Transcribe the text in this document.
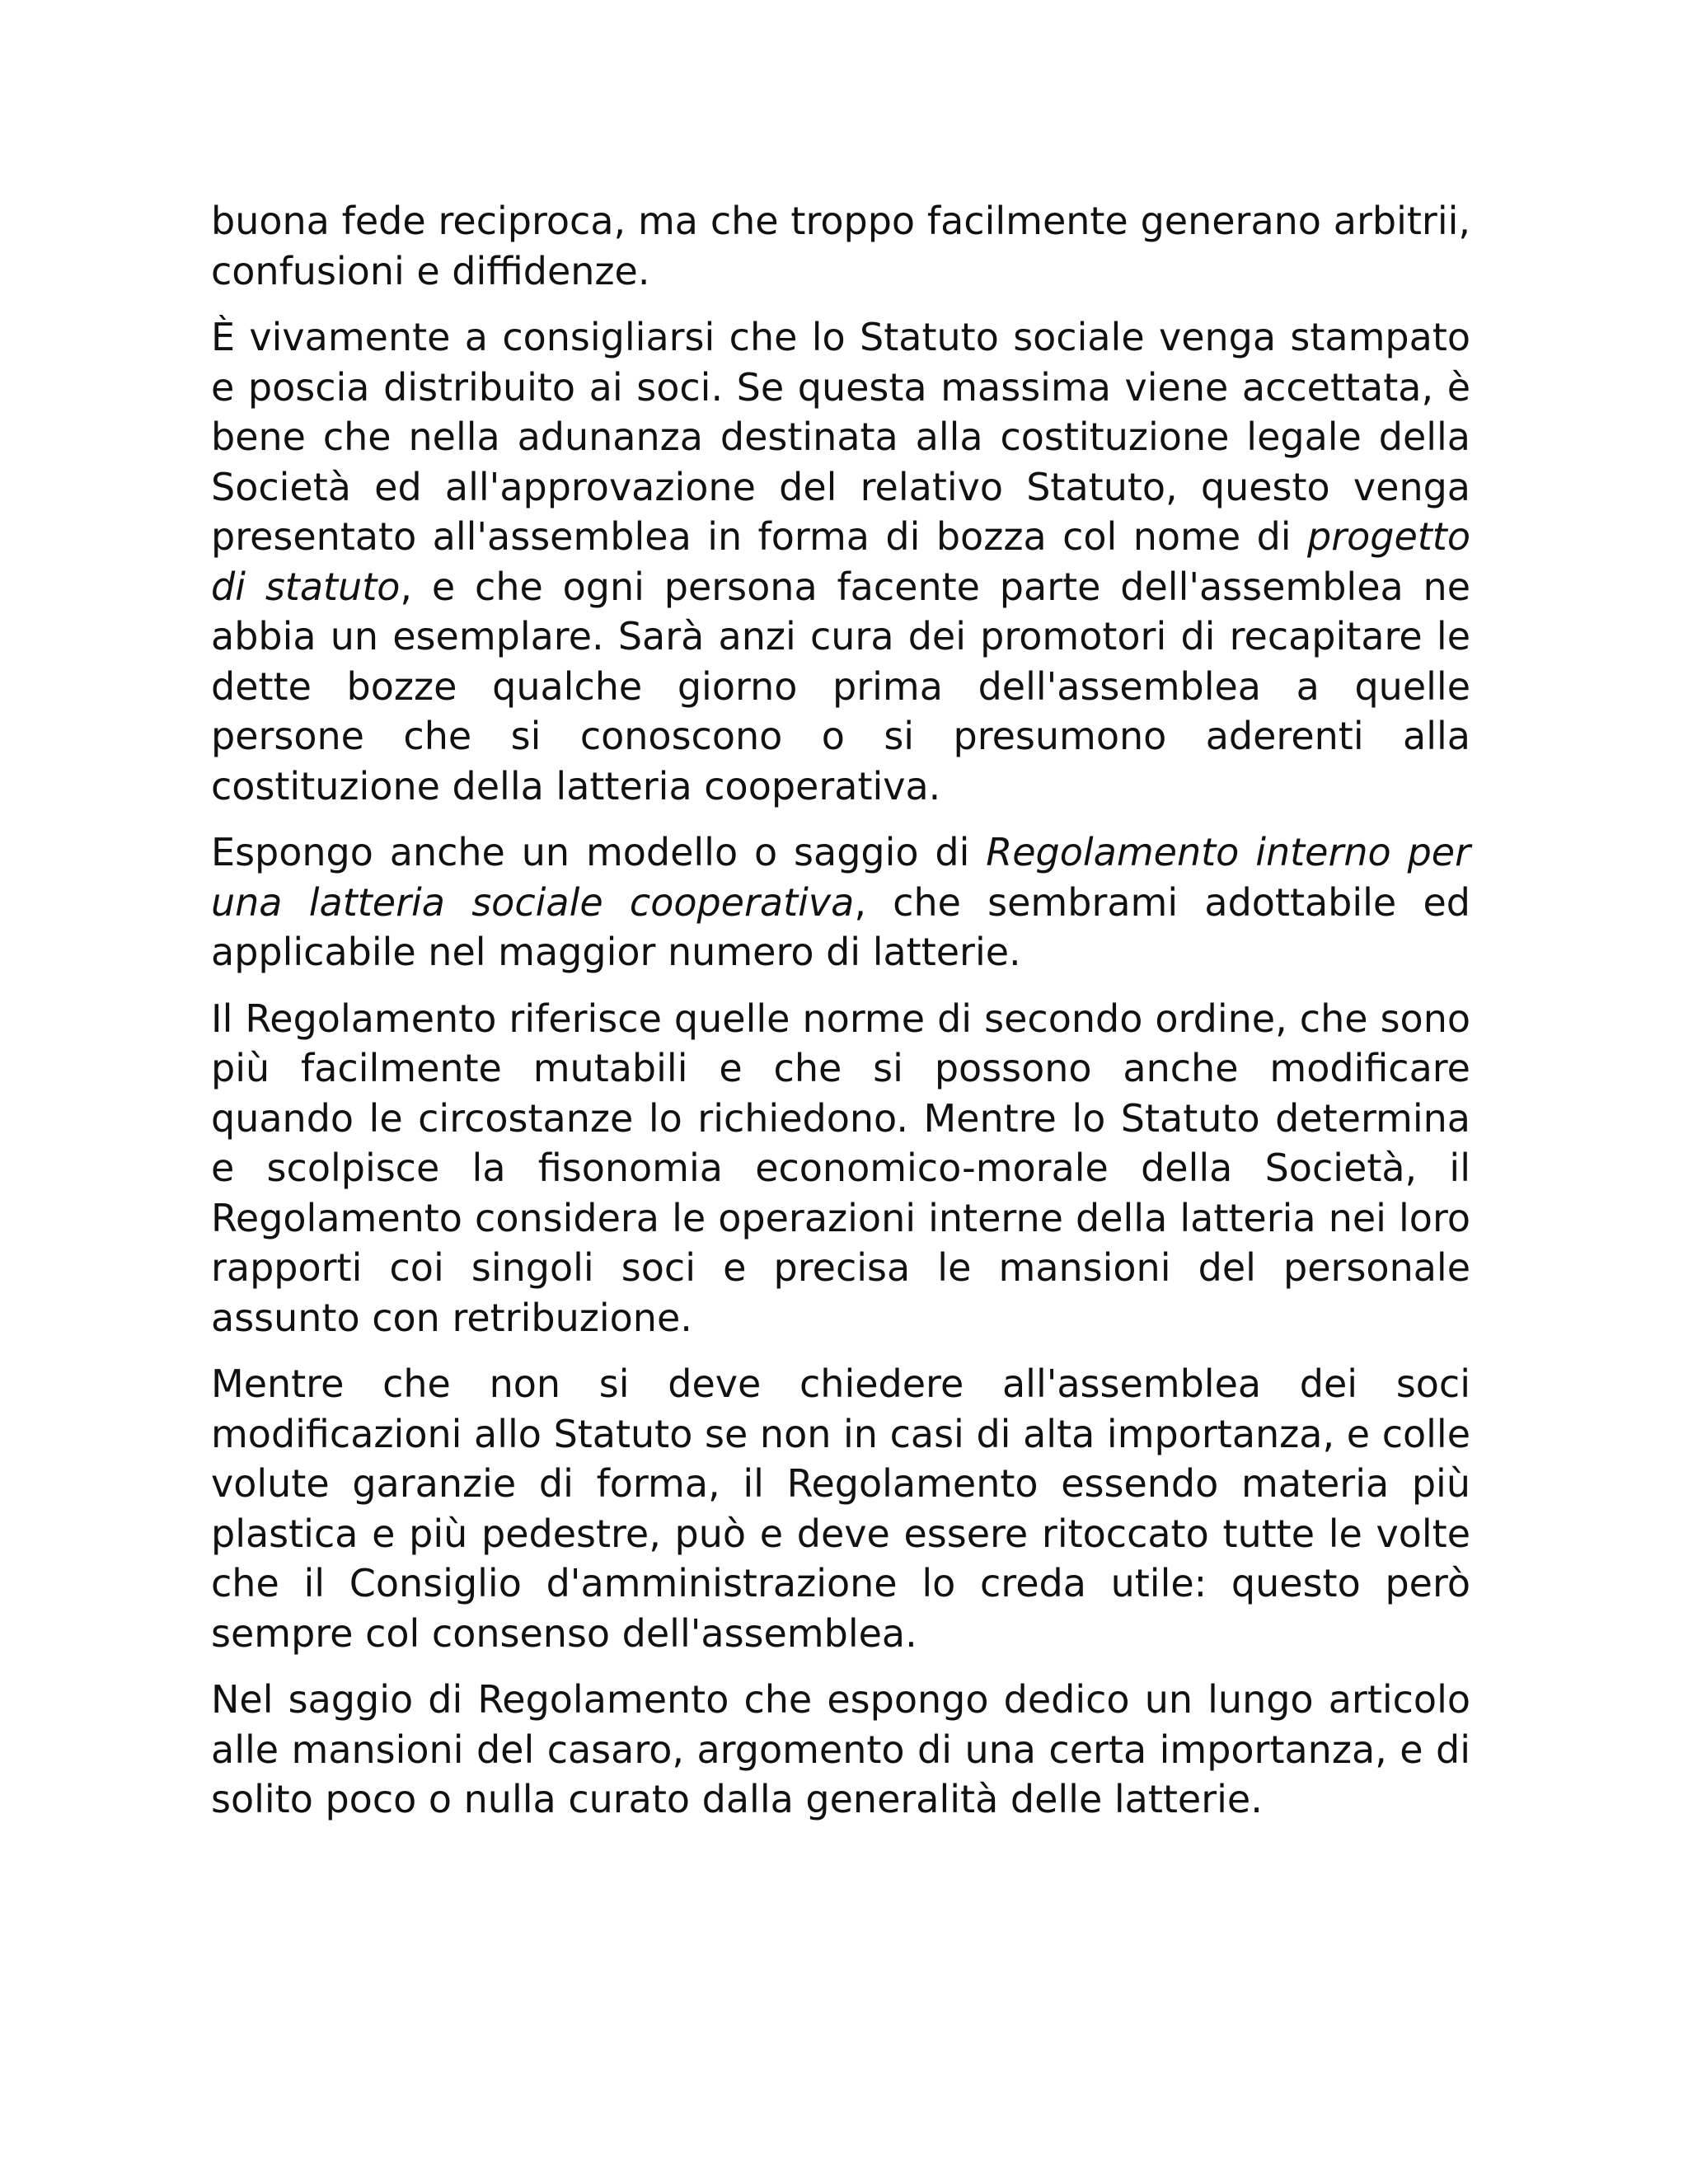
buona fede reciproca, ma che troppo facilmente generano arbitrii, confusioni e diffidenze.

È vivamente a consigliarsi che lo Statuto sociale venga stampato e poscia distribuito ai soci. Se questa massima viene accettata, è bene che nella adunanza destinata alla costituzione legale della Società ed all'approvazione del relativo Statuto, questo venga presentato all'assemblea in forma di bozza col nome di progetto di statuto, e che ogni persona facente parte dell'assemblea ne abbia un esemplare. Sarà anzi cura dei promotori di recapitare le dette bozze qualche giorno prima dell'assemblea a quelle persone che si conoscono o si presumono aderenti alla costituzione della latteria cooperativa.

Espongo anche un modello o saggio di Regolamento interno per una latteria sociale cooperativa, che sembrami adottabile ed applicabile nel maggior numero di latterie.

Il Regolamento riferisce quelle norme di secondo ordine, che sono più facilmente mutabili e che si possono anche modificare quando le circostanze lo richiedono. Mentre lo Statuto determina e scolpisce la fisonomia economico-morale della Società, il Regolamento considera le operazioni interne della latteria nei loro rapporti coi singoli soci e precisa le mansioni del personale assunto con retribuzione.

Mentre che non si deve chiedere all'assemblea dei soci modificazioni allo Statuto se non in casi di alta importanza, e colle volute garanzie di forma, il Regolamento essendo materia più plastica e più pedestre, può e deve essere ritoccato tutte le volte che il Consiglio d'amministrazione lo creda utile: questo però sempre col consenso dell'assemblea.

Nel saggio di Regolamento che espongo dedico un lungo articolo alle mansioni del casaro, argomento di una certa importanza, e di solito poco o nulla curato dalla generalità delle latterie.
